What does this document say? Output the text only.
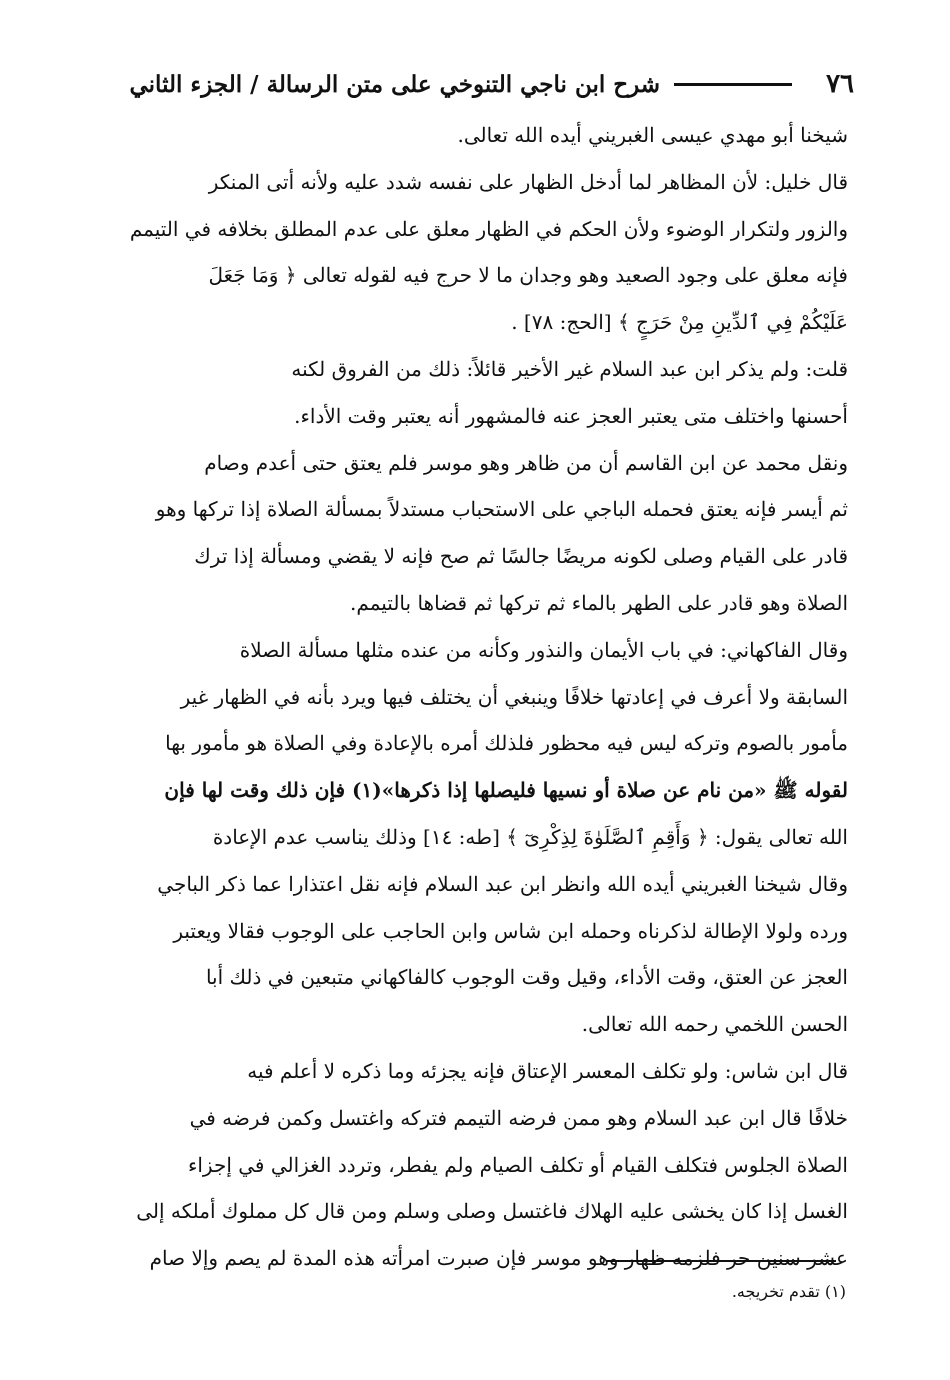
٧٦
شرح ابن ناجي التنوخي على متن الرسالة / الجزء الثاني
شيخنا أبو مهدي عيسى الغبريني أيده الله تعالى.
قال خليل: لأن المظاهر لما أدخل الظهار على نفسه شدد عليه ولأنه أتى المنكر
والزور ولتكرار الوضوء ولأن الحكم في الظهار معلق على عدم المطلق بخلافه في التيمم
فإنه معلق على وجود الصعيد وهو وجدان ما لا حرج فيه لقوله تعالى ﴿ وَمَا جَعَلَ
عَلَيْكُمْ فِي ٱلدِّينِ مِنْ حَرَجٍ ﴾ [الحج: ٧٨] .
قلت: ولم يذكر ابن عبد السلام غير الأخير قائلاً: ذلك من الفروق لكنه
أحسنها واختلف متى يعتبر العجز عنه فالمشهور أنه يعتبر وقت الأداء.
ونقل محمد عن ابن القاسم أن من ظاهر وهو موسر فلم يعتق حتى أعدم وصام
ثم أيسر فإنه يعتق فحمله الباجي على الاستحباب مستدلاً بمسألة الصلاة إذا تركها وهو
قادر على القيام وصلى لكونه مريضًا جالسًا ثم صح فإنه لا يقضي ومسألة إذا ترك
الصلاة وهو قادر على الطهر بالماء ثم تركها ثم قضاها بالتيمم.
وقال الفاكهاني: في باب الأيمان والنذور وكأنه من عنده مثلها مسألة الصلاة
السابقة ولا أعرف في إعادتها خلافًا وينبغي أن يختلف فيها ويرد بأنه في الظهار غير
مأمور بالصوم وتركه ليس فيه محظور فلذلك أمره بالإعادة وفي الصلاة هو مأمور بها
لقوله ﷺ «من نام عن صلاة أو نسيها فليصلها إذا ذكرها»(١) فإن ذلك وقت لها فإن
الله تعالى يقول: ﴿ وَأَقِمِ ٱلصَّلَوٰةَ لِذِكْرِىٓ ﴾ [طه: ١٤] وذلك يناسب عدم الإعادة
وقال شيخنا الغبريني أيده الله وانظر ابن عبد السلام فإنه نقل اعتذارا عما ذكر الباجي
ورده ولولا الإطالة لذكرناه وحمله ابن شاس وابن الحاجب على الوجوب فقالا ويعتبر
العجز عن العتق، وقت الأداء، وقيل وقت الوجوب كالفاكهاني متبعين في ذلك أبا
الحسن اللخمي رحمه الله تعالى.
قال ابن شاس: ولو تكلف المعسر الإعتاق فإنه يجزئه وما ذكره لا أعلم فيه
خلافًا قال ابن عبد السلام وهو ممن فرضه التيمم فتركه واغتسل وكمن فرضه في
الصلاة الجلوس فتكلف القيام أو تكلف الصيام ولم يفطر، وتردد الغزالي في إجزاء
الغسل إذا كان يخشى عليه الهلاك فاغتسل وصلى وسلم ومن قال كل مملوك أملكه إلى
عشر سنين حر فلزمه ظهار وهو موسر فإن صبرت امرأته هذه المدة لم يصم وإلا صام
(١) تقدم تخريجه.
